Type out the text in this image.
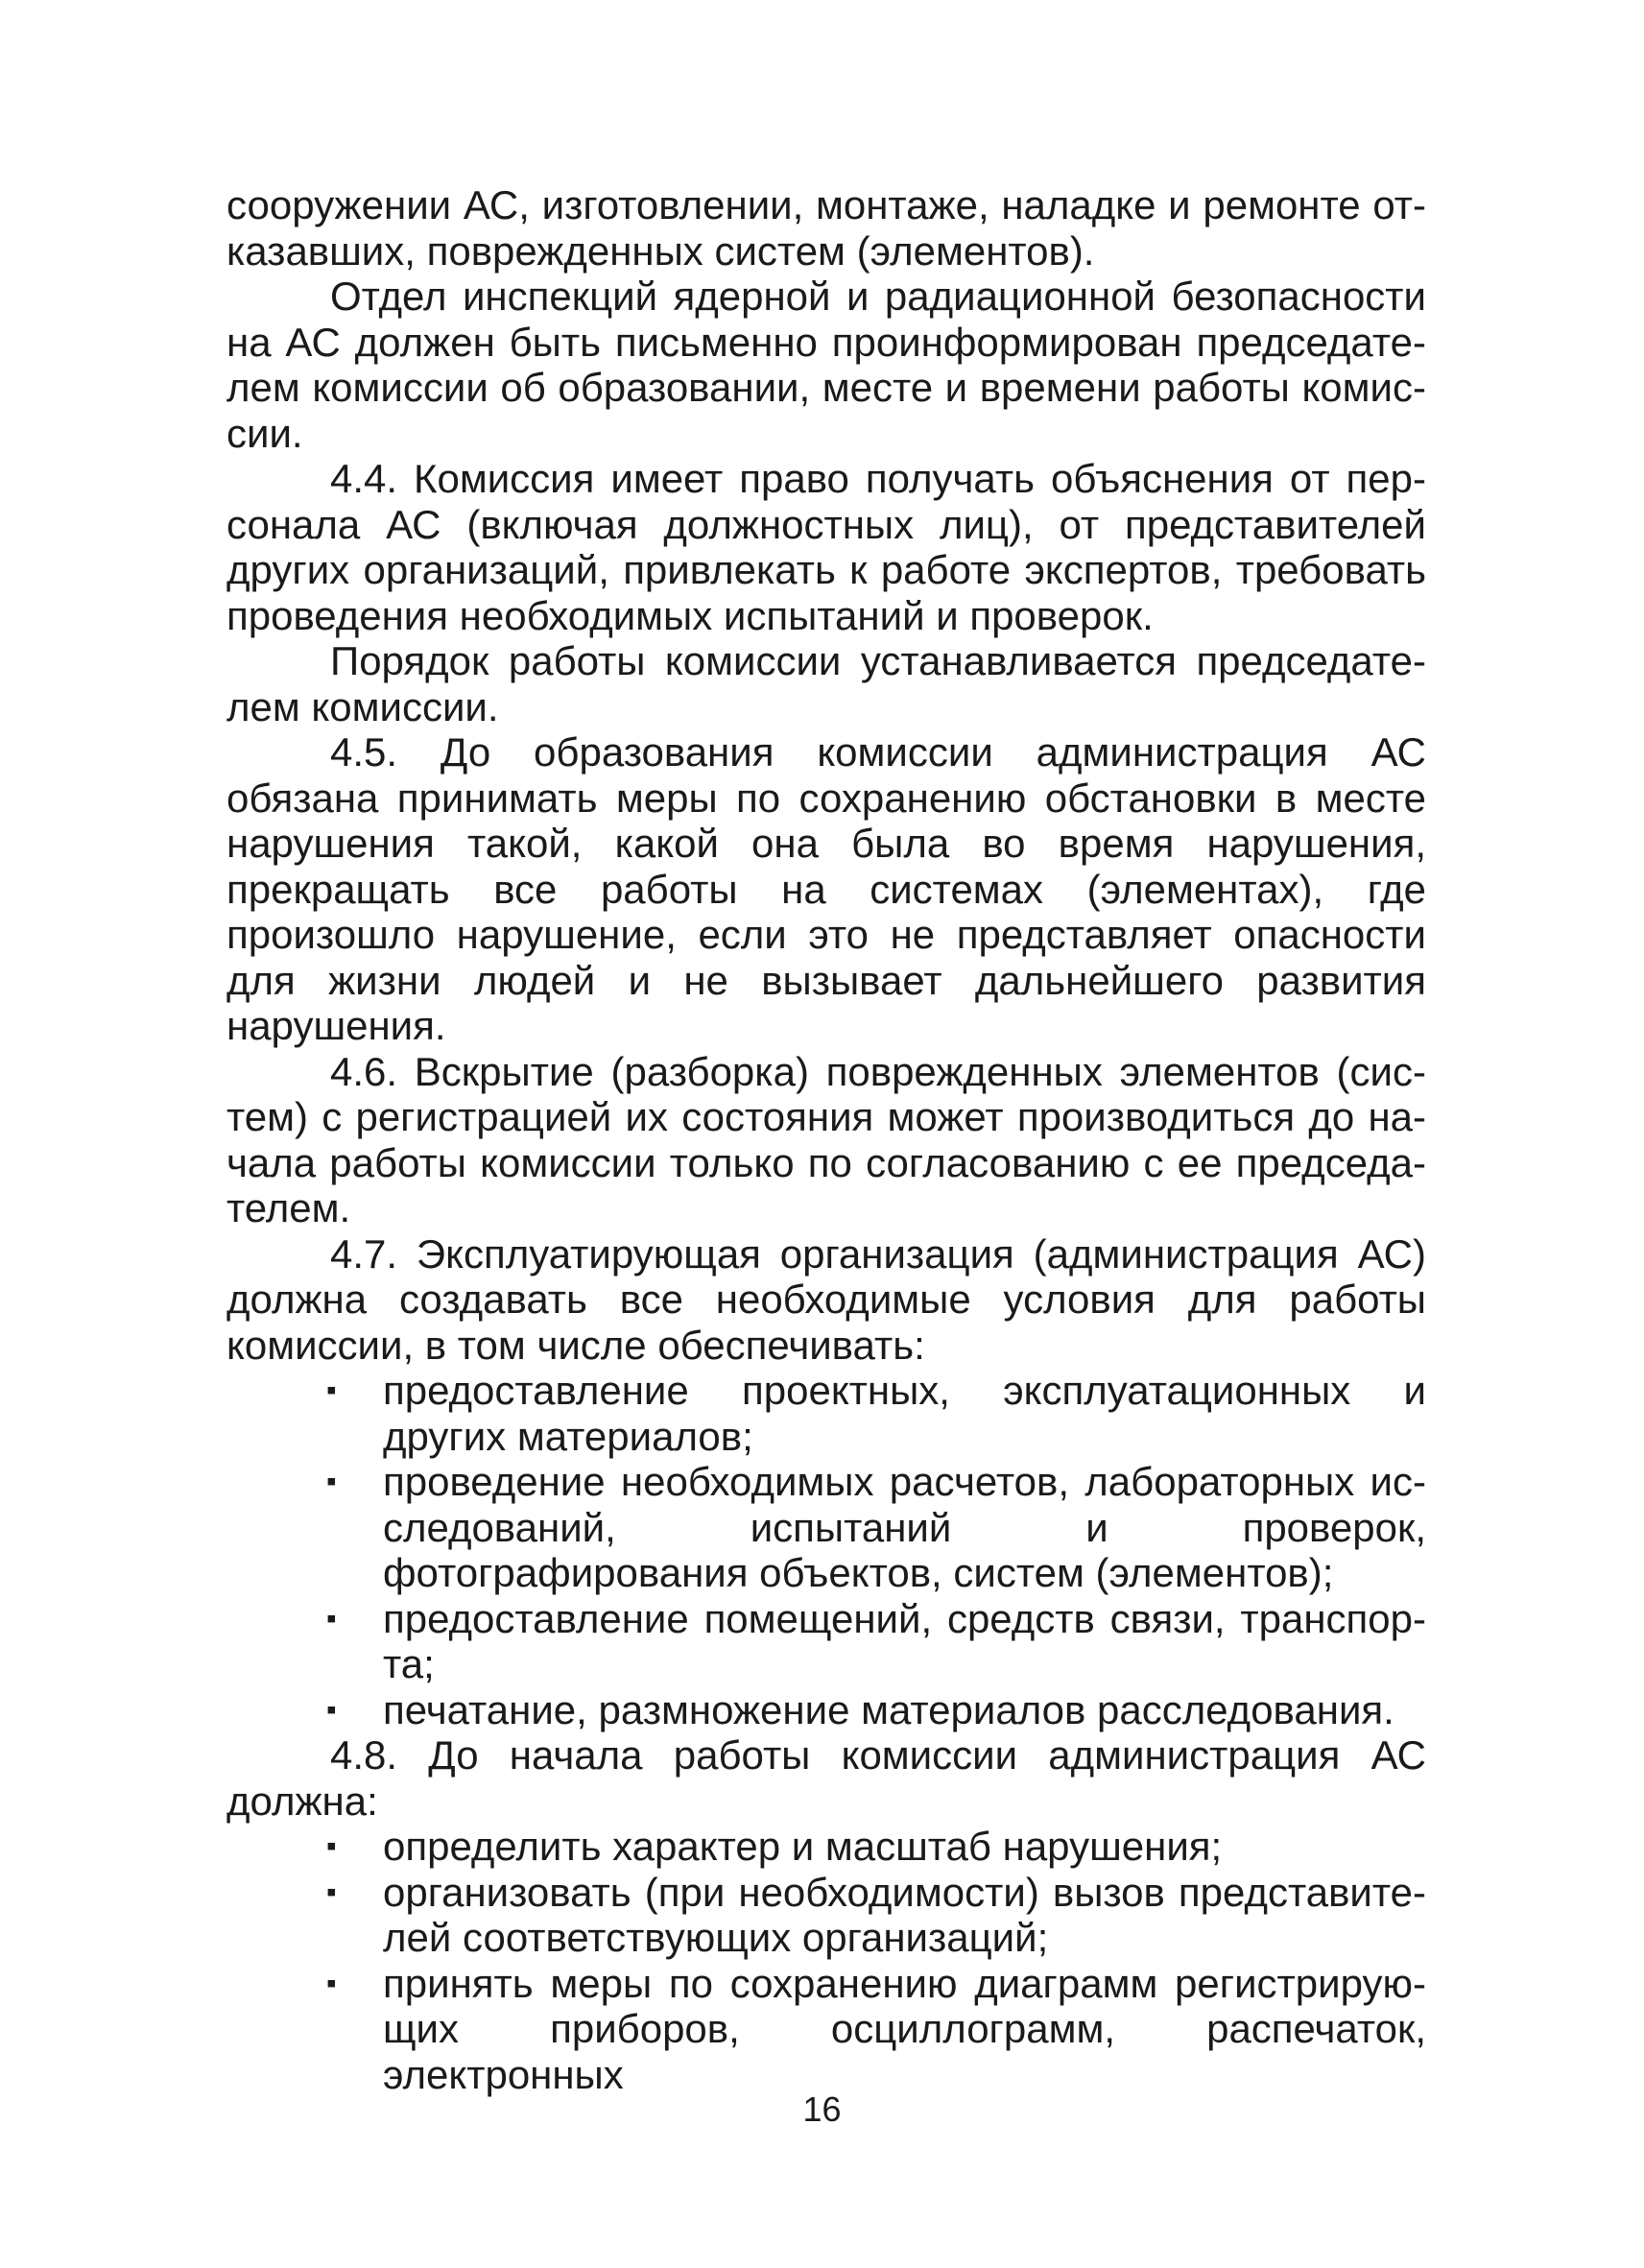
сооружении АС, изготовлении, монтаже, наладке и ремонте отказавших, поврежденных систем (элементов).

Отдел инспекций ядерной и радиационной безопасности на АС должен быть письменно проинформирован председателем комиссии об образовании, месте и времени работы комиссии.

4.4. Комиссия имеет право получать объяснения от персонала АС (включая должностных лиц), от представителей других организаций, привлекать к работе экспертов, требовать проведения необходимых испытаний и проверок.

Порядок работы комиссии устанавливается председателем комиссии.

4.5. До образования комиссии администрация АС обязана принимать меры по сохранению обстановки в месте нарушения такой, какой она была во время нарушения, прекращать все работы на системах (элементах), где произошло нарушение, если это не представляет опасности для жизни людей и не вызывает дальнейшего развития нарушения.

4.6. Вскрытие (разборка) поврежденных элементов (систем) с регистрацией их состояния может производиться до начала работы комиссии только по согласованию с ее председателем.

4.7. Эксплуатирующая организация (администрация АС) должна создавать все необходимые условия для работы комиссии, в том числе обеспечивать:

▪ предоставление проектных, эксплуатационных и других материалов;
▪ проведение необходимых расчетов, лабораторных исследований, испытаний и проверок, фотографирования объектов, систем (элементов);
▪ предоставление помещений, средств связи, транспорта;
▪ печатание, размножение материалов расследования.

4.8. До начала работы комиссии администрация АС должна:

▪ определить характер и масштаб нарушения;
▪ организовать (при необходимости) вызов представителей соответствующих организаций;
▪ принять меры по сохранению диаграмм регистрирующих приборов, осциллограмм, распечаток, электронных
16
